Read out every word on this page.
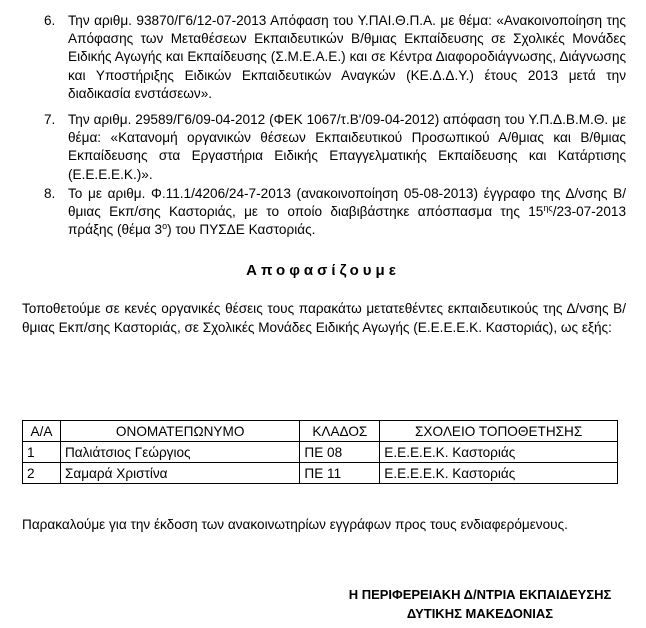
6. Την αριθμ. 93870/Γ6/12-07-2013 Απόφαση του Υ.ΠΑΙ.Θ.Π.Α. με θέμα: «Ανακοινοποίηση της Απόφασης των Μεταθέσεων Εκπαιδευτικών Β/θμιας Εκπαίδευσης σε Σχολικές Μονάδες Ειδικής Αγωγής και Εκπαίδευσης (Σ.Μ.Ε.Α.Ε.) και σε Κέντρα Διαφοροδιάγνωσης, Διάγνωσης και Υποστήριξης Ειδικών Εκπαιδευτικών Αναγκών (ΚΕ.Δ.Δ.Υ.) έτους 2013 μετά την διαδικασία ενστάσεων».

7. Την αριθμ. 29589/Γ6/09-04-2012 (ΦΕΚ 1067/τ.Β'/09-04-2012) απόφαση του Υ.Π.Δ.Β.Μ.Θ. με θέμα: «Κατανομή οργανικών θέσεων Εκπαιδευτικού Προσωπικού Α/θμιας και Β/θμιας Εκπαίδευσης στα Εργαστήρια Ειδικής Επαγγελματικής Εκπαίδευσης και Κατάρτισης (Ε.Ε.Ε.Ε.Κ.)».

8. Το με αριθμ. Φ.11.1/4206/24-7-2013 (ανακοινοποίηση 05-08-2013) έγγραφο της Δ/νσης Β/θμιας Εκπ/σης Καστοριάς, με το οποίο διαβιβάστηκε απόσπασμα της $15^{\eta\varsigma}/23-07-2013$ πράξης (θέμα $3^o$) του ΠΥΣΔΕ Καστοριάς.

Αποφασίζουμε
Τοποθετούμε σε κενές οργανικές θέσεις τους παρακάτω μετατεθέντες εκπαιδευτικούς της Δ/νσης Β/θμιας Εκπ/σης Καστοριάς, σε Σχολικές Μονάδες Ειδικής Αγωγής (Ε.Ε.Ε.Ε.Κ. Καστοριάς), ως εξής:
Α/Α	ΟΝΟΜΑΤΕΠΩΝΥΜΟ	ΚΛΑΔΟΣ	ΣΧΟΛΕΙΟ ΤΟΠΟΘΕΤΗΣΗΣ
1	Παλιάτσιος Γεώργιος	ΠΕ 08	Ε.Ε.Ε.Ε.Κ. Καστοριάς
2	Σαμαρά Χριστίνα	ΠΕ 11	Ε.Ε.Ε.Ε.Κ. Καστοριάς
Παρακαλούμε για την έκδοση των ανακοινωτηρίων εγγράφων προς τους ενδιαφερόμενους.
Η ΠΕΡΙΦΕΡΕΙΑΚΗ Δ/ΝΤΡΙΑ ΕΚΠΑΙΔΕΥΣΗΣ
ΔΥΤΙΚΗΣ ΜΑΚΕΔΟΝΙΑΣ
